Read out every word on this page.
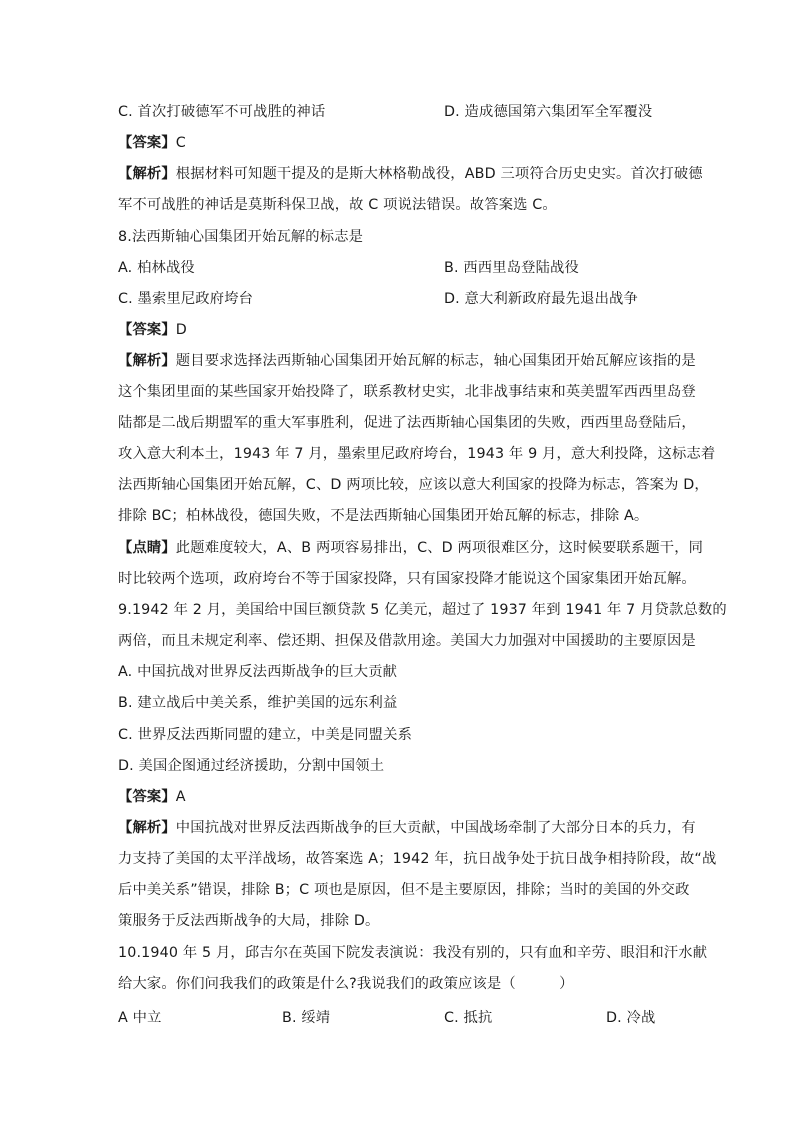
C. 首次打破德军不可战胜的神话	D. 造成德国第六集团军全军覆没
【答案】C
【解析】根据材料可知题干提及的是斯大林格勒战役，ABD 三项符合历史史实。首次打破德
军不可战胜的神话是莫斯科保卫战，故 C 项说法错误。故答案选 C。
8.法西斯轴心国集团开始瓦解的标志是
A. 柏林战役	B. 西西里岛登陆战役
C. 墨索里尼政府垮台	D. 意大利新政府最先退出战争
【答案】D
【解析】题目要求选择法西斯轴心国集团开始瓦解的标志，轴心国集团开始瓦解应该指的是
这个集团里面的某些国家开始投降了，联系教材史实，北非战事结束和英美盟军西西里岛登
陆都是二战后期盟军的重大军事胜利，促进了法西斯轴心国集团的失败，西西里岛登陆后，
攻入意大利本土，1943 年 7 月，墨索里尼政府垮台，1943 年 9 月，意大利投降，这标志着
法西斯轴心国集团开始瓦解，C、D 两项比较，应该以意大利国家的投降为标志，答案为 D，
排除 BC；柏林战役，德国失败，不是法西斯轴心国集团开始瓦解的标志，排除 A。
【点睛】此题难度较大，A、B 两项容易排出，C、D 两项很难区分，这时候要联系题干，同
时比较两个选项，政府垮台不等于国家投降，只有国家投降才能说这个国家集团开始瓦解。
9.1942 年 2 月，美国给中国巨额贷款 5 亿美元，超过了 1937 年到 1941 年 7 月贷款总数的
两倍，而且未规定利率、偿还期、担保及借款用途。美国大力加强对中国援助的主要原因是
A. 中国抗战对世界反法西斯战争的巨大贡献
B. 建立战后中美关系，维护美国的远东利益
C. 世界反法西斯同盟的建立，中美是同盟关系
D. 美国企图通过经济援助，分割中国领土
【答案】A
【解析】中国抗战对世界反法西斯战争的巨大贡献，中国战场牵制了大部分日本的兵力，有
力支持了美国的太平洋战场，故答案选 A；1942 年，抗日战争处于抗日战争相持阶段，故“战
后中美关系”错误，排除 B；C 项也是原因，但不是主要原因，排除；当时的美国的外交政
策服务于反法西斯战争的大局，排除 D。
10.1940 年 5 月，邱吉尔在英国下院发表演说：我没有别的，只有血和辛劳、眼泪和汗水献
给大家。你们问我我们的政策是什么?我说我们的政策应该是（　　　）
A 中立	B. 绥靖	C. 抵抗	D. 冷战
